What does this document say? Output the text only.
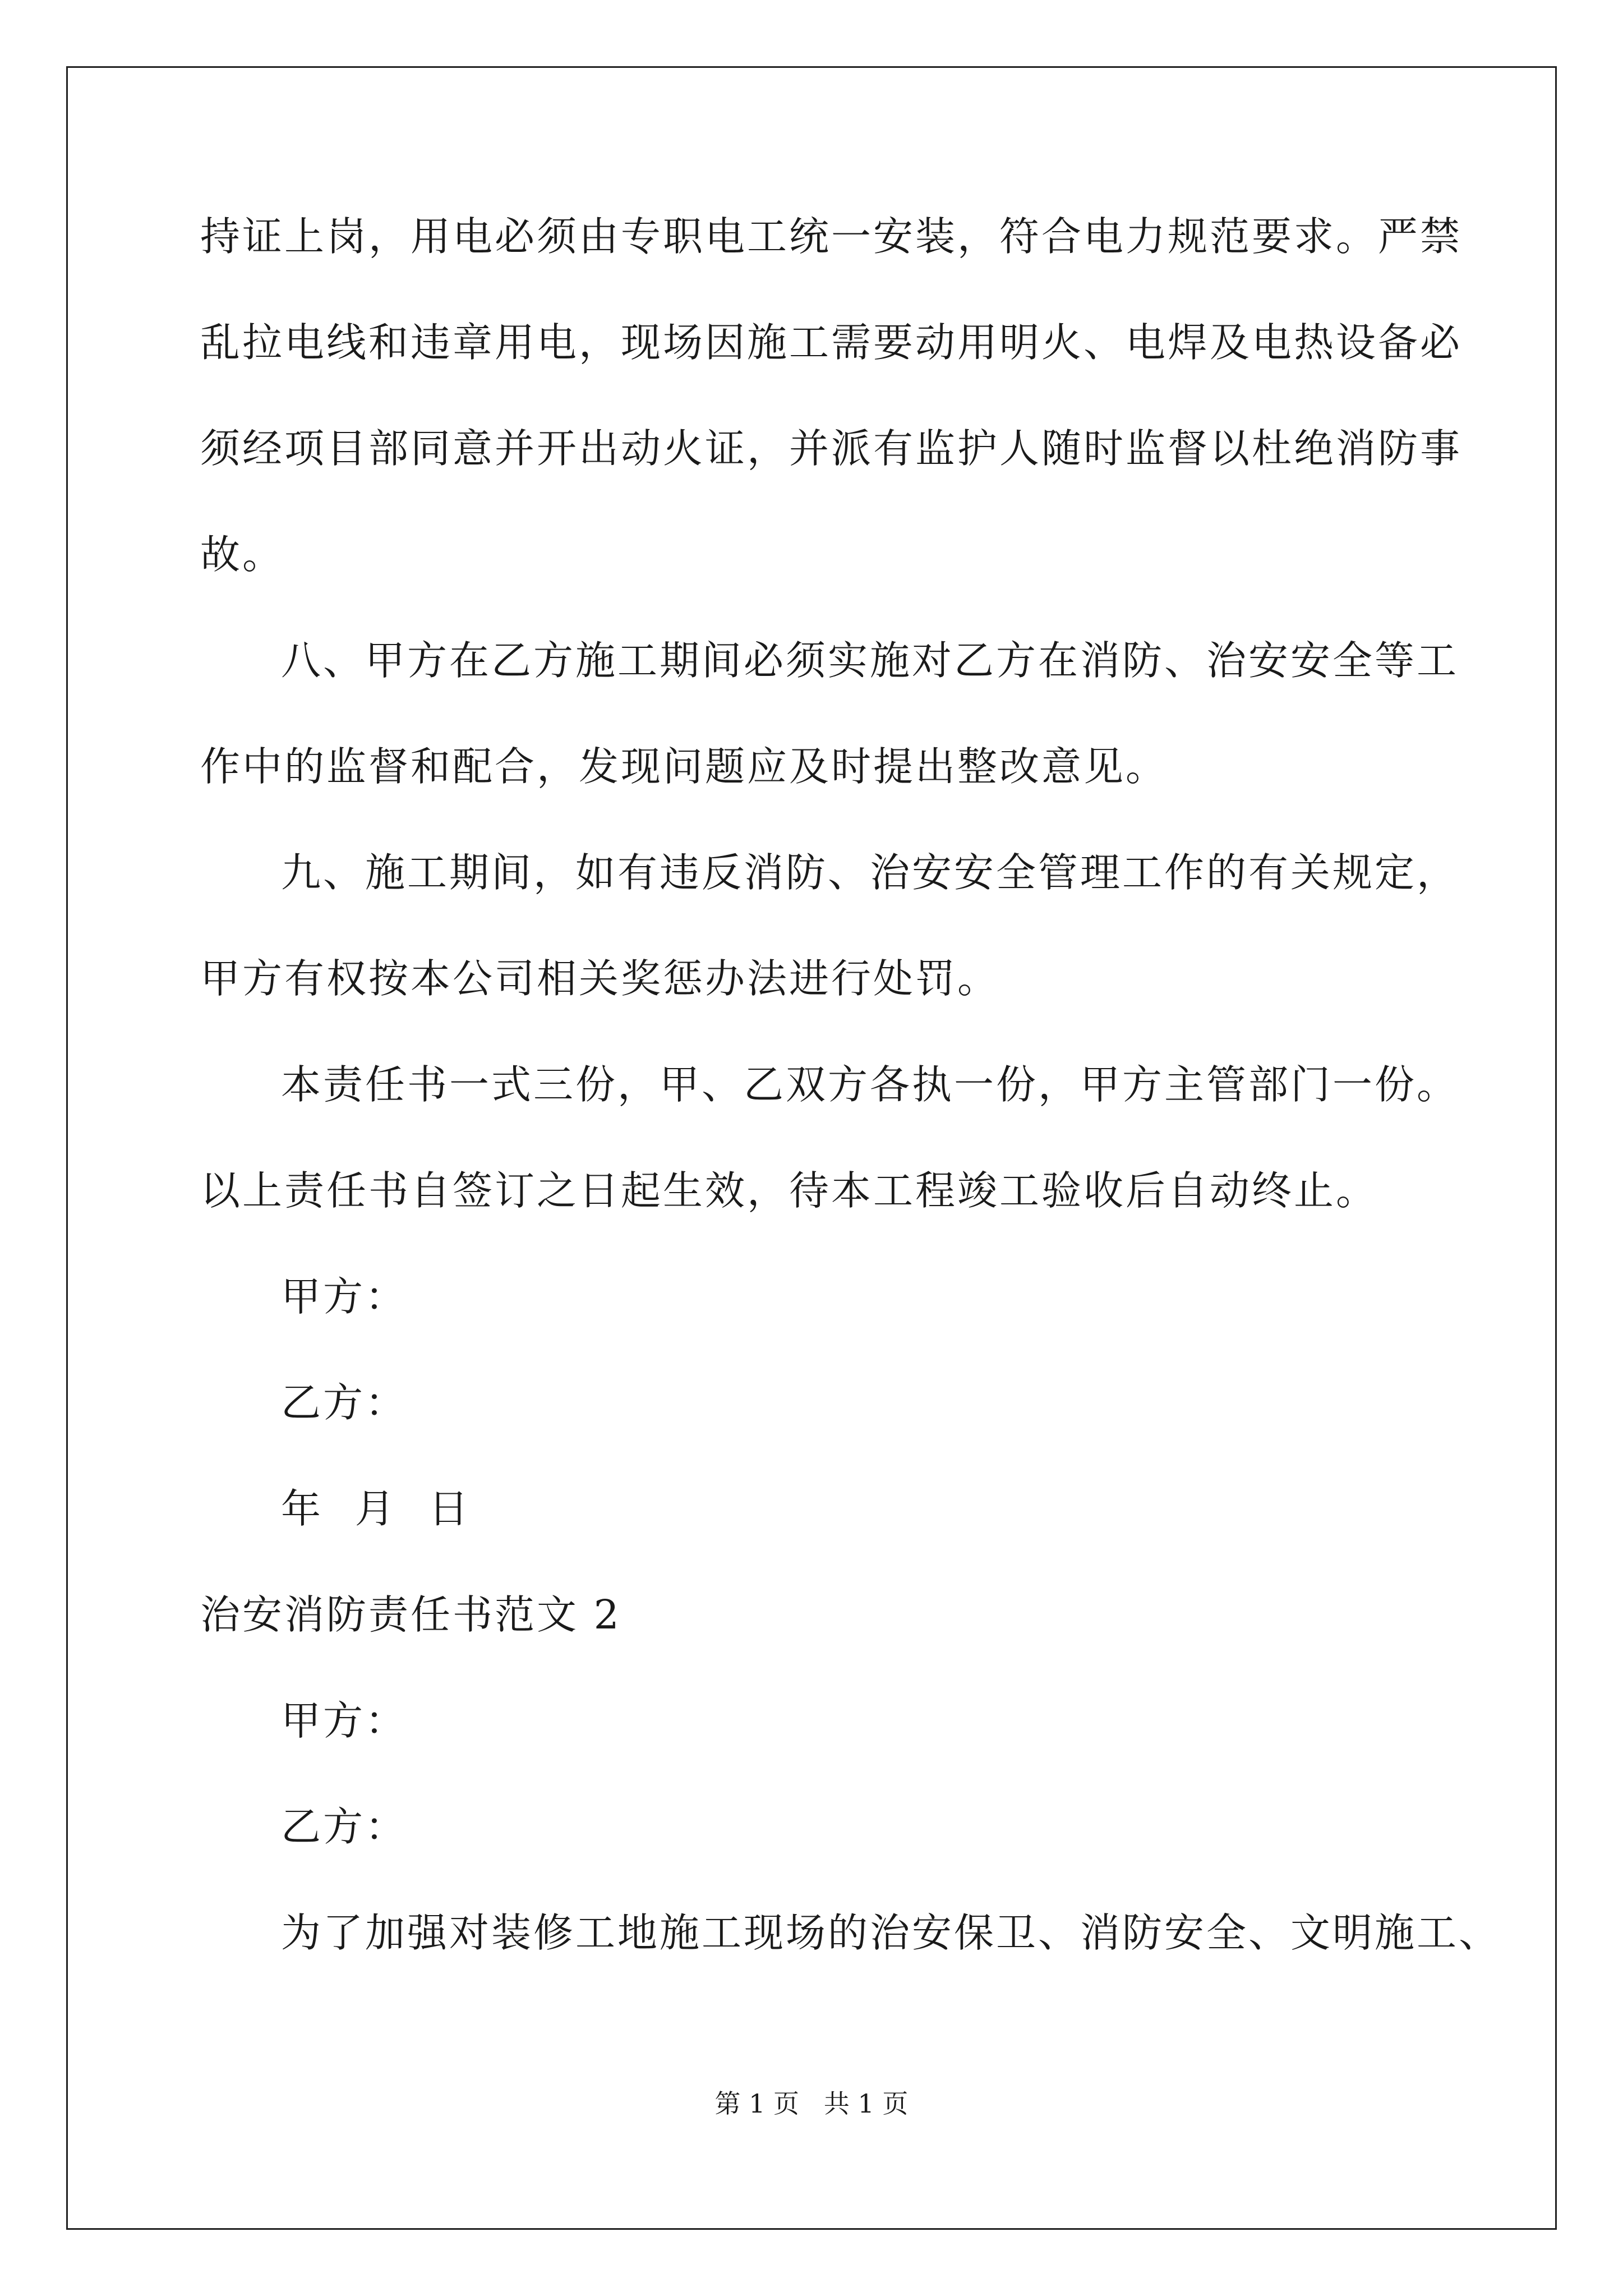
持证上岗，用电必须由专职电工统一安装，符合电力规范要求。严禁
乱拉电线和违章用电，现场因施工需要动用明火、电焊及电热设备必
须经项目部同意并开出动火证，并派有监护人随时监督以杜绝消防事
故。
八、甲方在乙方施工期间必须实施对乙方在消防、治安安全等工
作中的监督和配合，发现问题应及时提出整改意见。
九、施工期间，如有违反消防、治安安全管理工作的有关规定，
甲方有权按本公司相关奖惩办法进行处罚。
本责任书一式三份，甲、乙双方各执一份，甲方主管部门一份。
以上责任书自签订之日起生效，待本工程竣工验收后自动终止。
甲方：
乙方：
年 月 日
治安消防责任书范文 2
甲方：
乙方：
为了加强对装修工地施工现场的治安保卫、消防安全、文明施工、
第 1 页   共 1 页
